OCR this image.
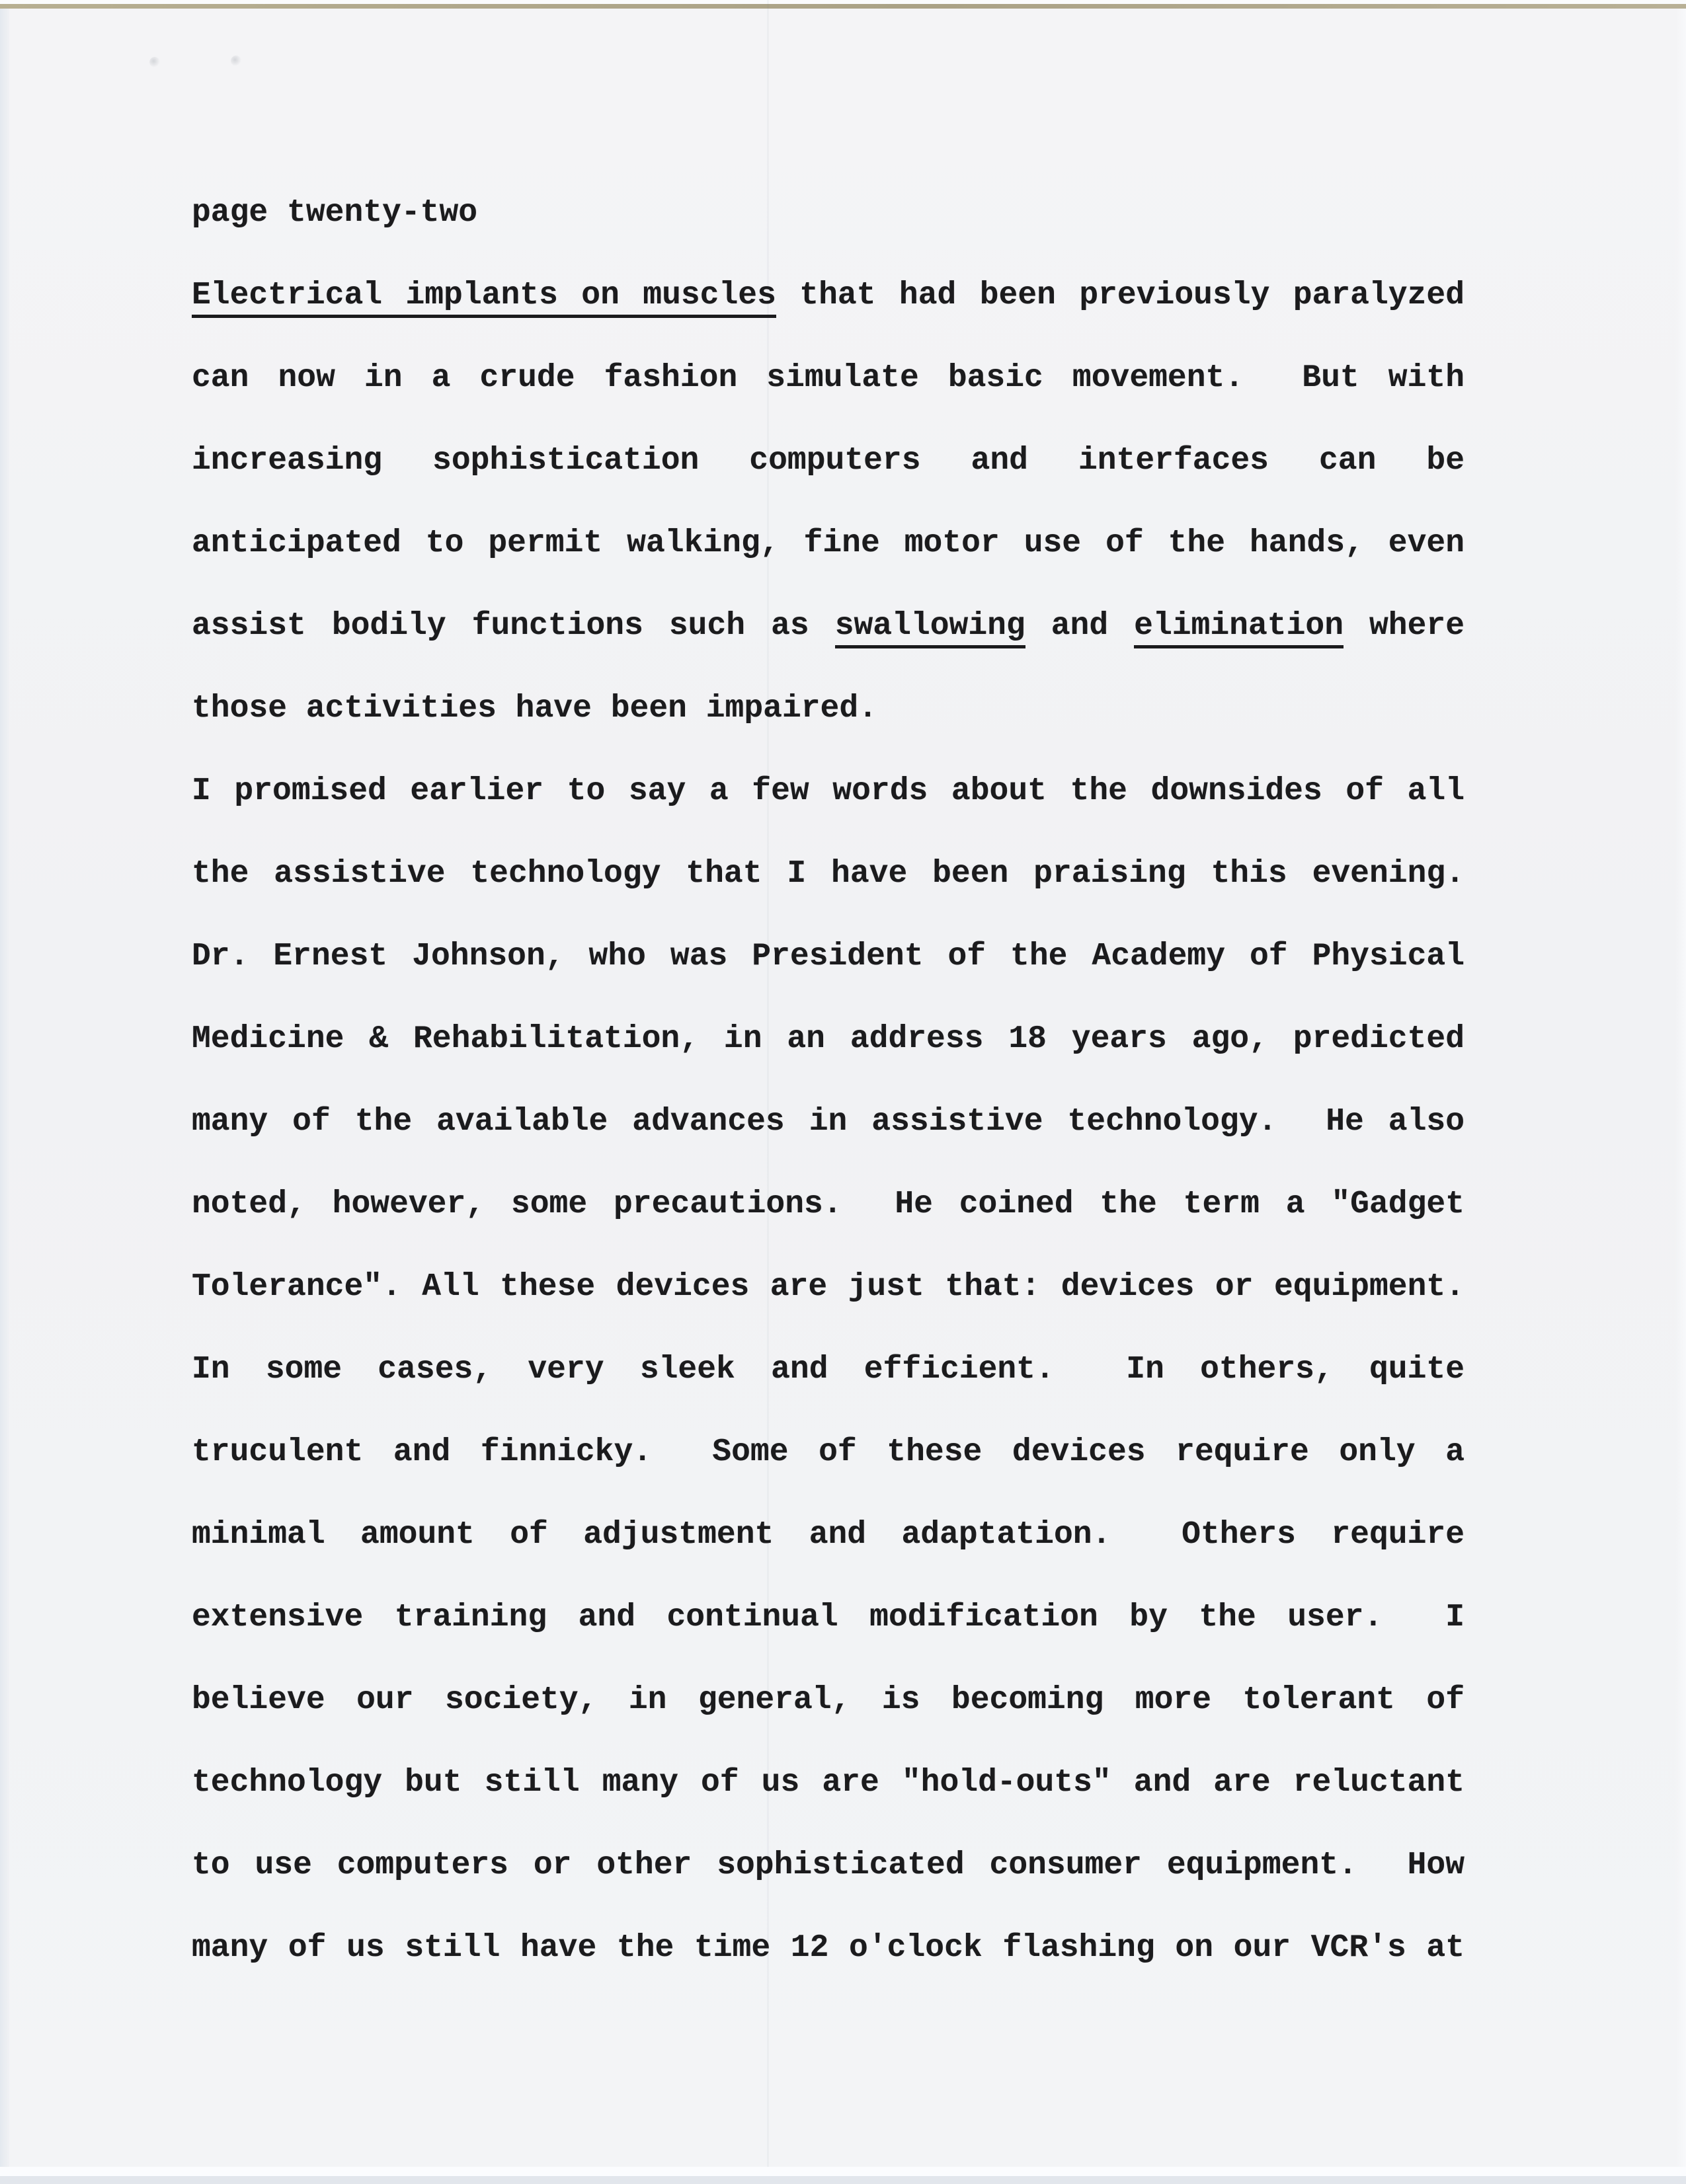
page twenty-two
Electrical implants on muscles that had been previously paralyzed
can now in a crude fashion simulate basic movement.  But with
increasing sophistication computers and interfaces can be
anticipated to permit walking, fine motor use of the hands, even
assist bodily functions such as swallowing and elimination where
those activities have been impaired.
I promised earlier to say a few words about the downsides of all
the assistive technology that I have been praising this evening.
Dr. Ernest Johnson, who was President of the Academy of Physical
Medicine & Rehabilitation, in an address 18 years ago, predicted
many of the available advances in assistive technology.  He also
noted, however, some precautions.  He coined the term a "Gadget
Tolerance". All these devices are just that: devices or equipment.
In some cases, very sleek and efficient.  In others, quite
truculent and finnicky.  Some of these devices require only a
minimal amount of adjustment and adaptation.  Others require
extensive training and continual modification by the user.  I
believe our society, in general, is becoming more tolerant of
technology but still many of us are "hold-outs" and are reluctant
to use computers or other sophisticated consumer equipment.  How
many of us still have the time 12 o'clock flashing on our VCR's at
